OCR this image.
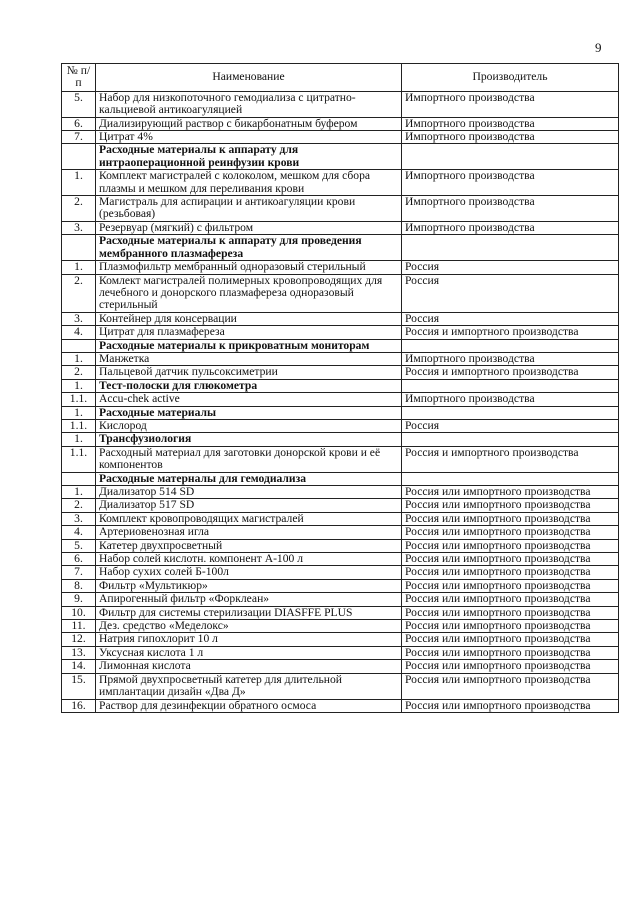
9
№ п/п	Наименование	Производитель
5.	Набор для низкопоточного гемодиализа с цитратно-кальциевой антикоагуляцией	Импортного производства
6.	Диализирующий раствор с бикарбонатным буфером	Импортного производства
7.	Цитрат 4%	Импортного производства
	Расходные материалы к аппарату для интраоперационной реинфузии крови	
1.	Комплект магистралей с колоколом, мешком для сбора плазмы и мешком для переливания крови	Импортного производства
2.	Магистраль для аспирации и антикоагуляции крови (резьбовая)	Импортного производства
3.	Резервуар (мягкий) с фильтром	Импортного производства
	Расходные материалы к аппарату для проведения мембранного плазмафереза	
1.	Плазмофильтр мембранный одноразовый стерильный	Россия
2.	Комлект магистралей полимерных кровопроводящих для лечебного и донорского плазмафереза одноразовый стерильный	Россия
3.	Контейнер для консервации	Россия
4.	Цитрат для плазмафереза	Россия и импортного производства
	Расходные материалы к прикроватным мониторам	
1.	Манжетка	Импортного производства
2.	Пальцевой датчик пульсоксиметрии	Россия и импортного производства
1.	Тест-полоски для глюкометра	
1.1.	Accu-chek active	Импортного производства
1.	Расходные материалы	
1.1.	Кислород	Россия
1.	Трансфузиология	
1.1.	Расходный материал для заготовки донорской крови и её компонентов	Россия и импортного производства
	Расходные матерналы для гемодиализа	
1.	Диализатор 514 SD	Россия или импортного производства
2.	Диализатор 517 SD	Россия или импортного производства
3.	Комплект кровопроводящих магистралей	Россия или импортного производства
4.	Артериовенозная игла	Россия или импортного производства
5.	Катетер двухпросветный	Россия или импортного производства
6.	Набор солей кислотн. компонент А-100 л	Россия или импортного производства
7.	Набор сухих солей Б-100л	Россия или импортного производства
8.	Фильтр «Мультикюр»	Россия или импортного производства
9.	Апирогенный фильтр «Форклеан»	Россия или импортного производства
10.	Фильтр для системы стерилизации DIASFFE PLUS	Россия или импортного производства
11.	Дез. средство «Меделокс»	Россия или импортного производства
12.	Натрия гипохлорит 10 л	Россия или импортного производства
13.	Уксусная кислота 1 л	Россия или импортного производства
14.	Лимонная кислота	Россия или импортного производства
15.	Прямой двухпросветный катетер для длительной имплантации дизайн «Два Д»	Россия или импортного производства
16.	Раствор для дезинфекции обратного осмоса	Россия или импортного производства
